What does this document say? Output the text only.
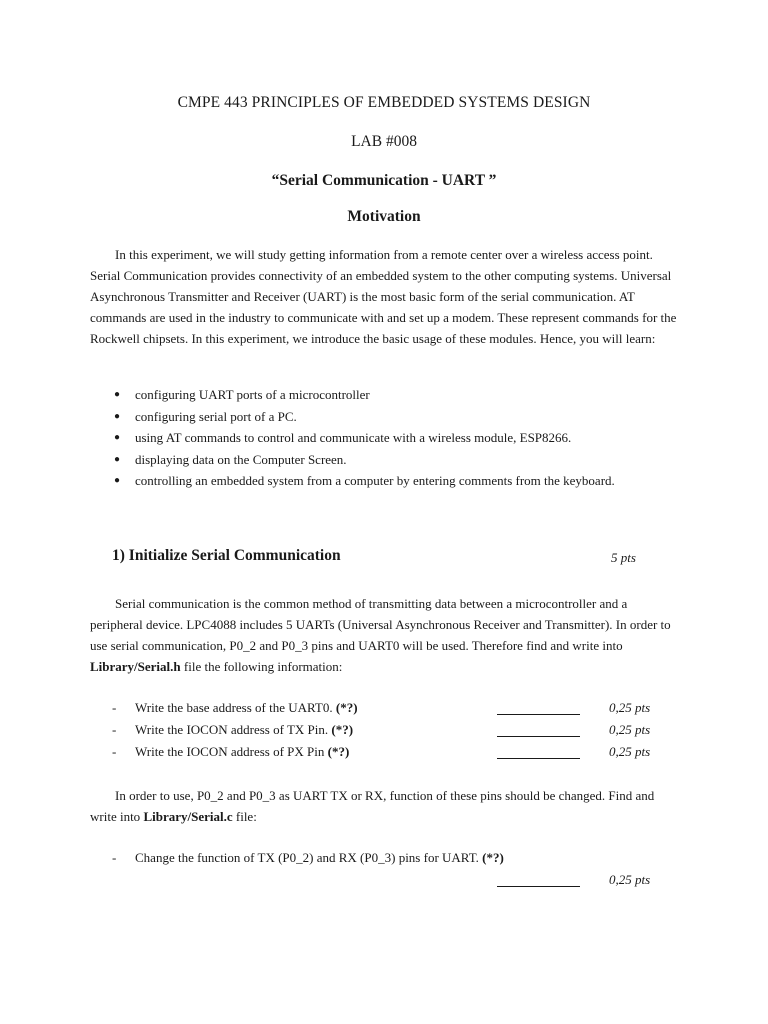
CMPE 443 PRINCIPLES OF EMBEDDED SYSTEMS DESIGN
LAB #008
“Serial Communication - UART ”
Motivation
In this experiment, we will study getting information from a remote center over a wireless access point. Serial Communication provides connectivity of an embedded system to the other computing systems. Universal Asynchronous Transmitter and Receiver (UART) is the most basic form of the serial communication. AT commands are used in the industry to communicate with and set up a modem. These represent commands for the Rockwell chipsets. In this experiment, we introduce the basic usage of these modules. Hence, you will learn:
● configuring UART ports of a microcontroller
● configuring serial port of a PC.
● using AT commands to control and communicate with a wireless module, ESP8266.
● displaying data on the Computer Screen.
● controlling an embedded system from a computer by entering comments from the keyboard.
1) Initialize Serial Communication	5 pts
Serial communication is the common method of transmitting data between a microcontroller and a peripheral device. LPC4088 includes 5 UARTs (Universal Asynchronous Receiver and Transmitter). In order to use serial communication, P0_2 and P0_3 pins and UART0 will be used. Therefore find and write into Library/Serial.h file the following information:
- Write the base address of the UART0. (*?)	0,25 pts
- Write the IOCON address of TX Pin. (*?)	0,25 pts
- Write the IOCON address of PX Pin (*?)	0,25 pts
In order to use, P0_2 and P0_3 as UART TX or RX, function of these pins should be changed. Find and write into Library/Serial.c file:
- Change the function of TX (P0_2) and RX (P0_3) pins for UART. (*?)
0,25 pts
